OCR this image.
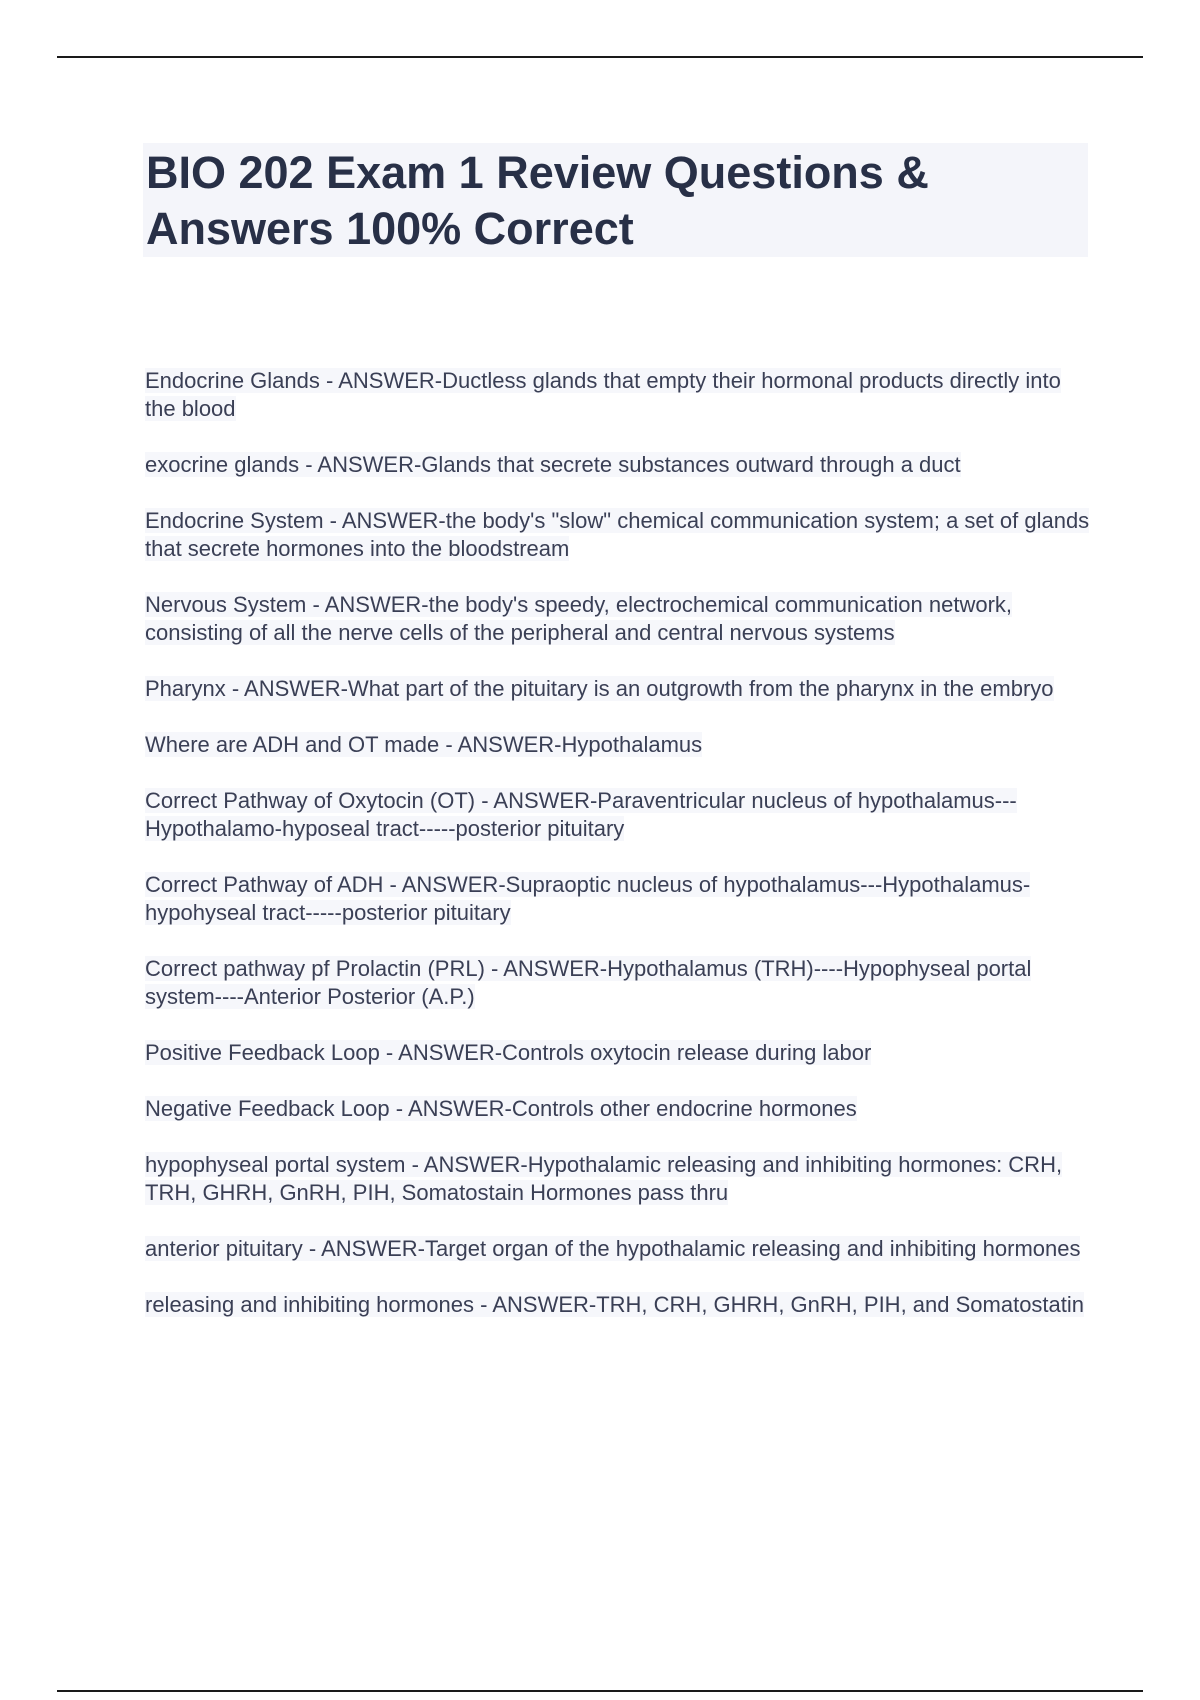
BIO 202 Exam 1 Review Questions & Answers 100% Correct
Endocrine Glands - ANSWER-Ductless glands that empty their hormonal products directly into the blood
exocrine glands - ANSWER-Glands that secrete substances outward through a duct
Endocrine System - ANSWER-the body's "slow" chemical communication system; a set of glands that secrete hormones into the bloodstream
Nervous System - ANSWER-the body's speedy, electrochemical communication network, consisting of all the nerve cells of the peripheral and central nervous systems
Pharynx - ANSWER-What part of the pituitary is an outgrowth from the pharynx in the embryo
Where are ADH and OT made - ANSWER-Hypothalamus
Correct Pathway of Oxytocin (OT) - ANSWER-Paraventricular nucleus of hypothalamus---Hypothalamo-hyposeal tract-----posterior pituitary
Correct Pathway of ADH - ANSWER-Supraoptic nucleus of hypothalamus---Hypothalamus-hypohyseal tract-----posterior pituitary
Correct pathway pf Prolactin (PRL) - ANSWER-Hypothalamus (TRH)----Hypophyseal portal system----Anterior Posterior (A.P.)
Positive Feedback Loop - ANSWER-Controls oxytocin release during labor
Negative Feedback Loop - ANSWER-Controls other endocrine hormones
hypophyseal portal system - ANSWER-Hypothalamic releasing and inhibiting hormones: CRH, TRH, GHRH, GnRH, PIH, Somatostain Hormones pass thru
anterior pituitary - ANSWER-Target organ of the hypothalamic releasing and inhibiting hormones
releasing and inhibiting hormones - ANSWER-TRH, CRH, GHRH, GnRH, PIH, and Somatostatin
